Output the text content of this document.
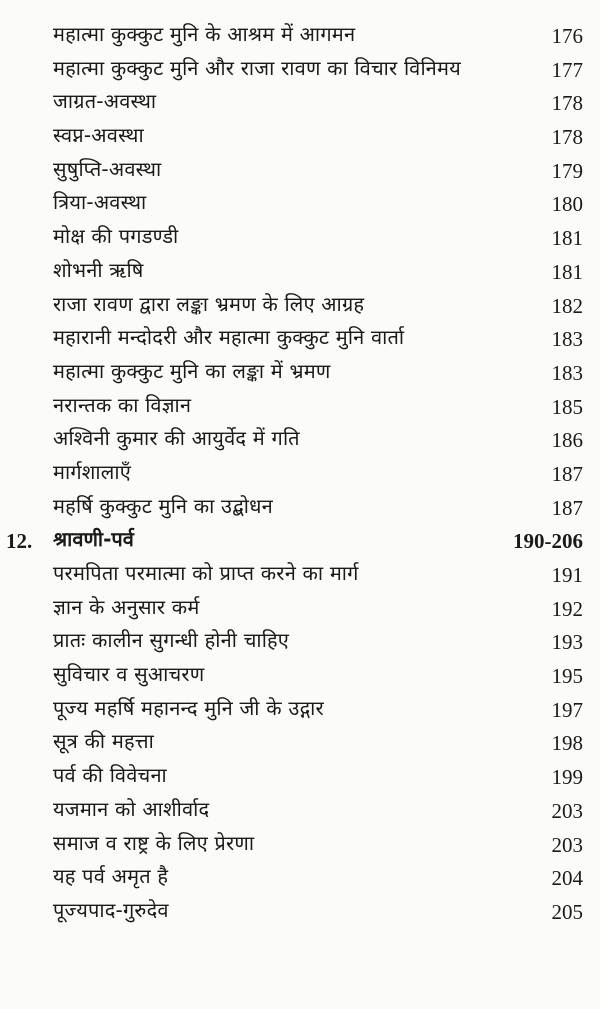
महात्मा कुक्कुट मुनि के आश्रम में आगमन	176
महात्मा कुक्कुट मुनि और राजा रावण का विचार विनिमय	177
जाग्रत-अवस्था	178
स्वप्न-अवस्था	178
सुषुप्ति-अवस्था	179
त्रिया-अवस्था	180
मोक्ष की पगडण्डी	181
शोभनी ऋषि	181
राजा रावण द्वारा लङ्का भ्रमण के लिए आग्रह	182
महारानी मन्दोदरी और महात्मा कुक्कुट मुनि वार्ता	183
महात्मा कुक्कुट मुनि का लङ्का में भ्रमण	183
नरान्तक का विज्ञान	185
अश्विनी कुमार की आयुर्वेद में गति	186
मार्गशालाएँ	187
महर्षि कुक्कुट मुनि का उद्बोधन	187
12. श्रावणी-पर्व	190-206
परमपिता परमात्मा को प्राप्त करने का मार्ग	191
ज्ञान के अनुसार कर्म	192
प्रातः कालीन सुगन्धी होनी चाहिए	193
सुविचार व सुआचरण	195
पूज्य महर्षि महानन्द मुनि जी के उद्गार	197
सूत्र की महत्ता	198
पर्व की विवेचना	199
यजमान को आशीर्वाद	203
समाज व राष्ट्र के लिए प्रेरणा	203
यह पर्व अमृत है	204
पूज्यपाद-गुरुदेव	205
